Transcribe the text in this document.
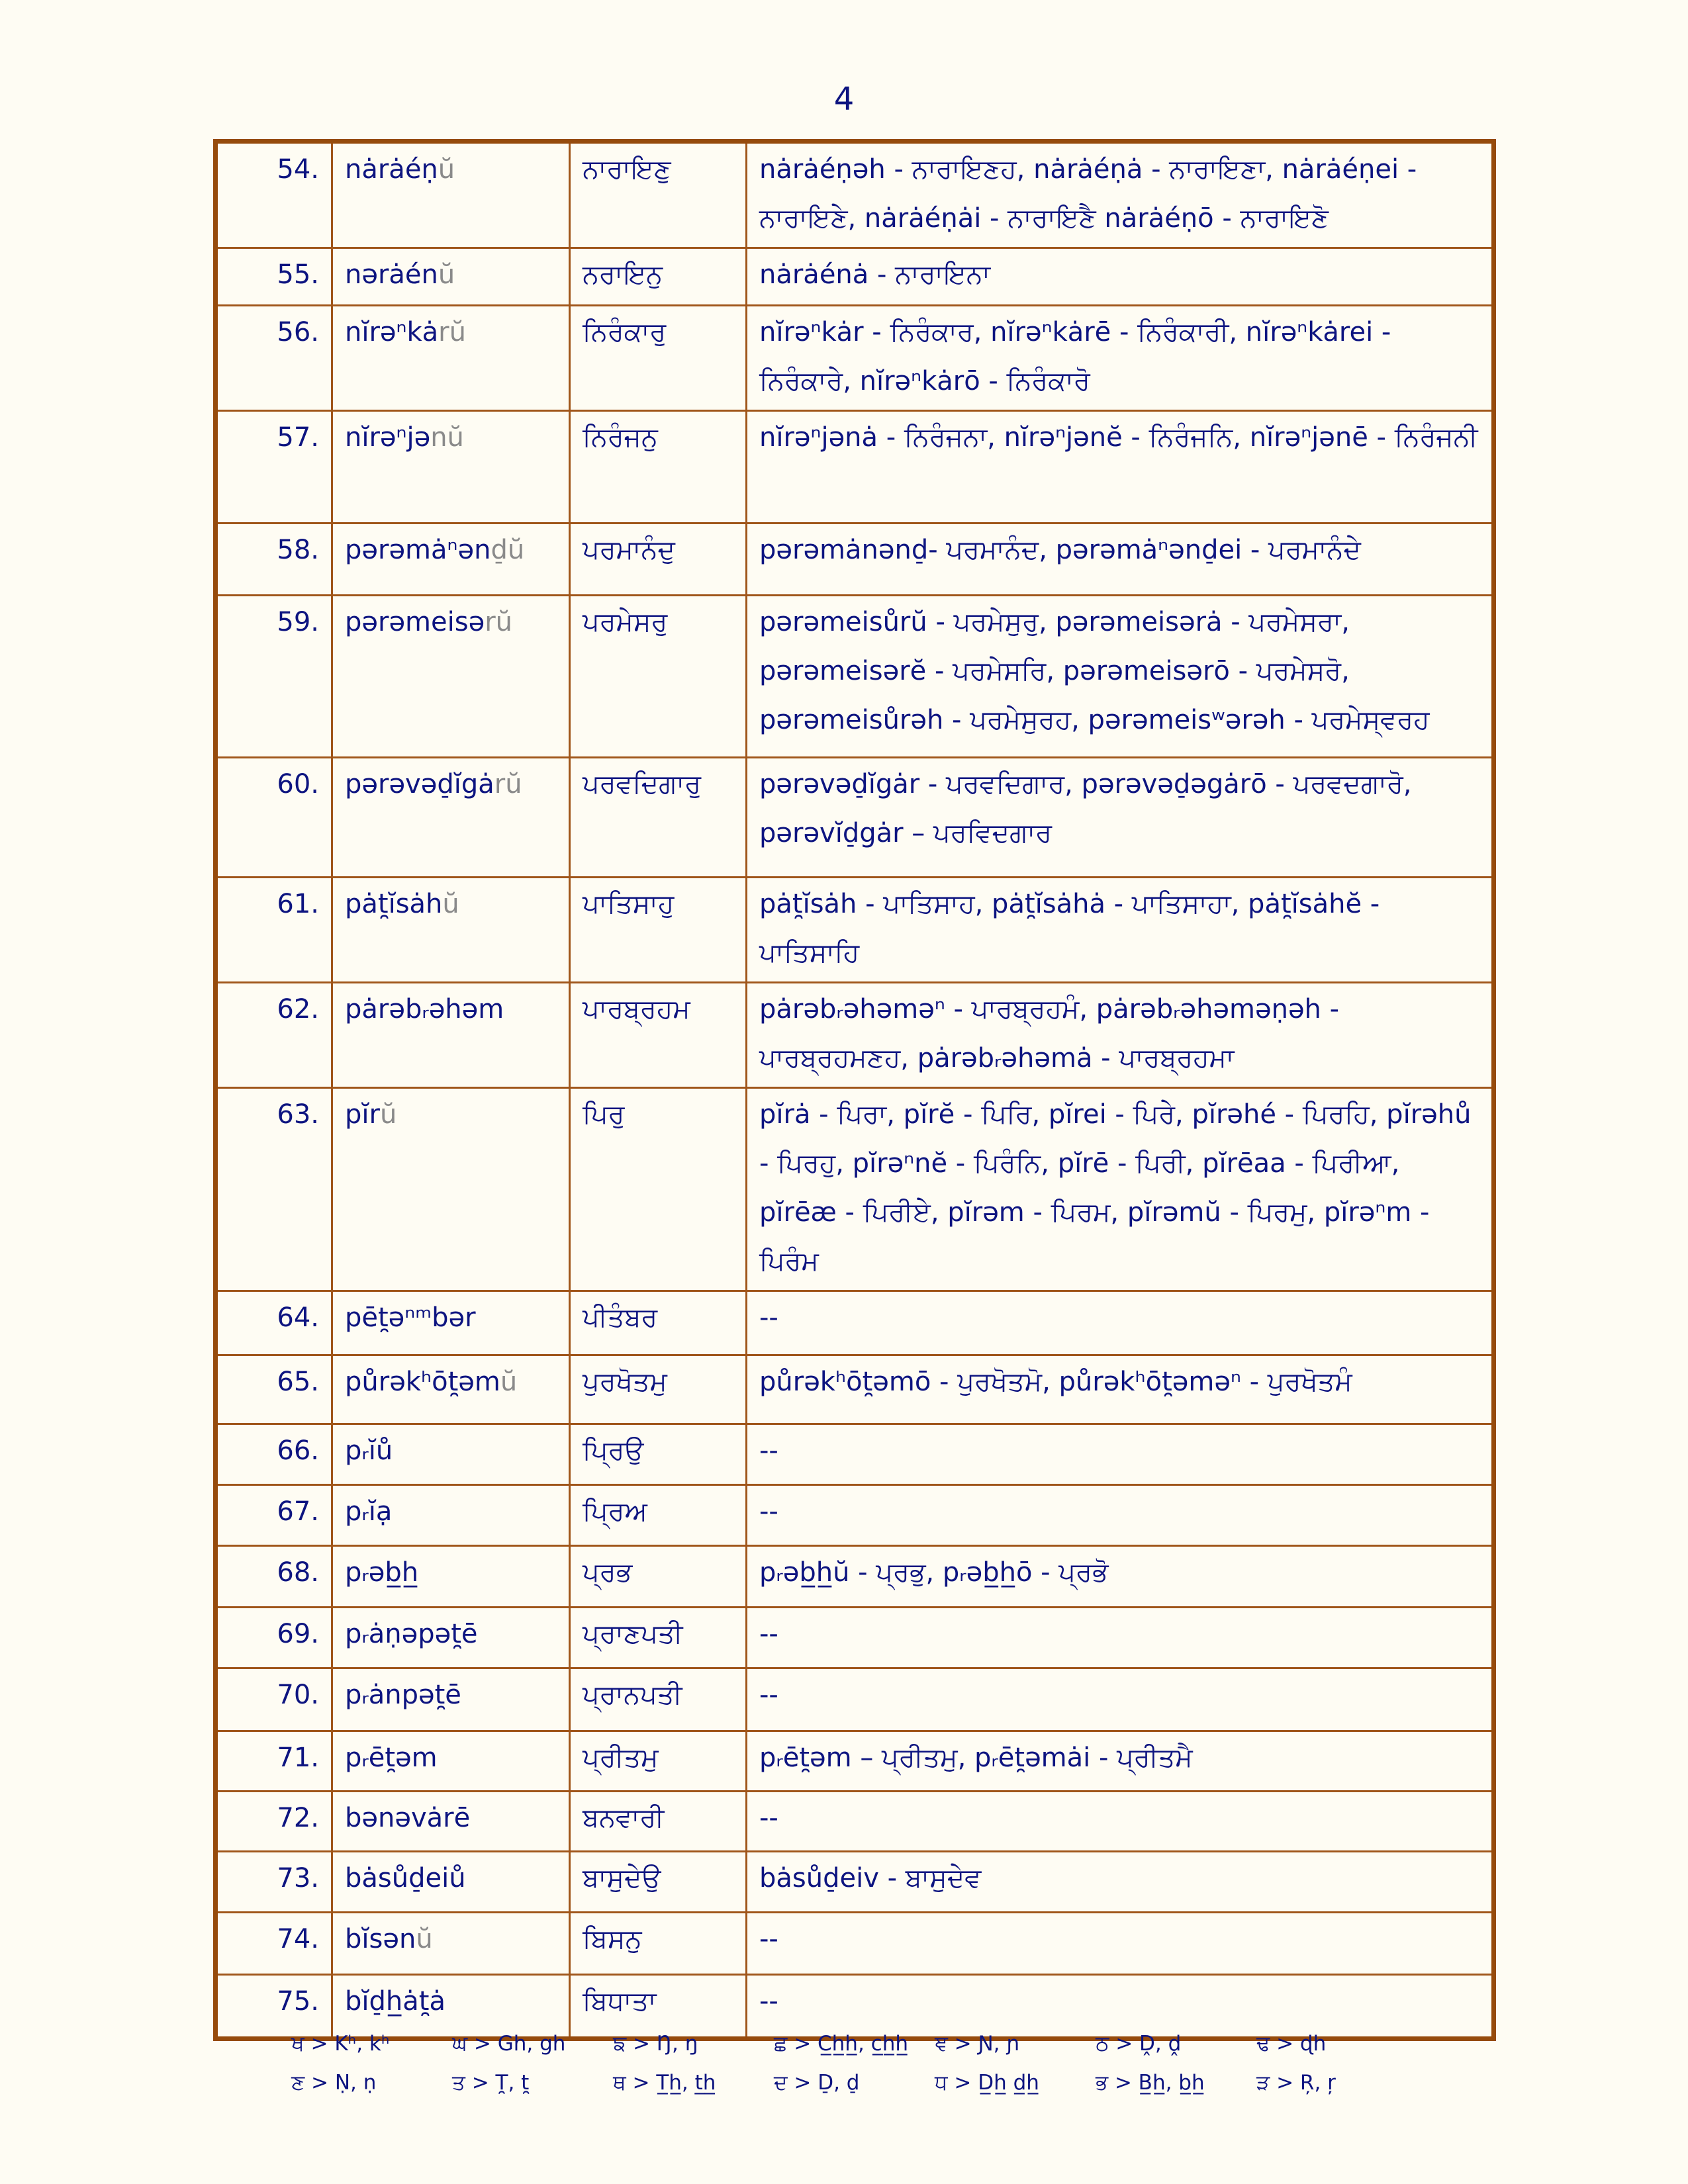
4
54.	nȧrȧéṇŭ	ਨਾਰਾਇਣੁ	nȧrȧéṇəh - ਨਾਰਾਇਣਹ, nȧrȧéṇȧ - ਨਾਰਾਇਣਾ, nȧrȧéṇei - ਨਾਰਾਇਣੇ, nȧrȧéṇȧi - ਨਾਰਾਇਣੈ nȧrȧéṇō - ਨਾਰਾਇਣੋ
55.	nərȧénŭ	ਨਰਾਇਨੁ	nȧrȧénȧ - ਨਾਰਾਇਨਾ
56.	nĭrəⁿkȧrŭ	ਨਿਰੰਕਾਰੁ	nĭrəⁿkȧr - ਨਿਰੰਕਾਰ, nĭrəⁿkȧrē - ਨਿਰੰਕਾਰੀ, nĭrəⁿkȧrei - ਨਿਰੰਕਾਰੇ, nĭrəⁿkȧrō - ਨਿਰੰਕਾਰੋ
57.	nĭrəⁿjənŭ	ਨਿਰੰਜਨੁ	nĭrəⁿjənȧ - ਨਿਰੰਜਨਾ, nĭrəⁿjənĕ - ਨਿਰੰਜਨਿ, nĭrəⁿjənē - ਨਿਰੰਜਨੀ
58.	pərəmȧⁿənd̠ŭ	ਪਰਮਾਨੰਦੁ	pərəmȧnənd̠- ਪਰਮਾਨੰਦ, pərəmȧⁿənd̠ei - ਪਰਮਾਨੰਦੇ
59.	pərəmeisərŭ	ਪਰਮੇਸਰੁ	pərəmeisůrŭ - ਪਰਮੇਸੁਰੁ, pərəmeisərȧ - ਪਰਮੇਸਰਾ, pərəmeisərĕ - ਪਰਮੇਸਰਿ, pərəmeisərō - ਪਰਮੇਸਰੋ, pərəmeisůrəh - ਪਰਮੇਸੁਰਹ, pərəmeisʷərəh - ਪਰਮੇਸ੍ਵਰਹ
60.	pərəvəd̠ĭgȧrŭ	ਪਰਵਦਿਗਾਰੁ	pərəvəd̠ĭgȧr - ਪਰਵਦਿਗਾਰ, pərəvəd̠əgȧrō - ਪਰਵਦਗਾਰੋ, pərəvĭd̠gȧr – ਪਰਵਿਦਗਾਰ
61.	pȧt̯ĭsȧhŭ	ਪਾਤਿਸਾਹੁ	pȧt̯ĭsȧh - ਪਾਤਿਸਾਹ, pȧt̯ĭsȧhȧ - ਪਾਤਿਸਾਹਾ, pȧt̯ĭsȧhĕ - ਪਾਤਿਸਾਹਿ
62.	pȧrəbᵣəhəm	ਪਾਰਬ੍ਰਹਮ	pȧrəbᵣəhəməⁿ - ਪਾਰਬ੍ਰਹਮੰ, pȧrəbᵣəhəməṇəh - ਪਾਰਬ੍ਰਹਮਣਹ, pȧrəbᵣəhəmȧ - ਪਾਰਬ੍ਰਹਮਾ
63.	pĭrŭ	ਪਿਰੁ	pĭrȧ - ਪਿਰਾ, pĭrĕ - ਪਿਰਿ, pĭrei - ਪਿਰੇ, pĭrəhé - ਪਿਰਹਿ, pĭrəhů - ਪਿਰਹੁ, pĭrəⁿnĕ - ਪਿਰੰਨਿ, pĭrē - ਪਿਰੀ, pĭrēaa - ਪਿਰੀਆ, pĭrēæ - ਪਿਰੀਏ, pĭrəm - ਪਿਰਮ, pĭrəmŭ - ਪਿਰਮੁ, pĭrəⁿm - ਪਿਰੰਮ
64.	pēt̯əⁿᵐbər	ਪੀਤੰਬਰ	--
65.	půrəkʰōt̯əmŭ	ਪੁਰਖੋਤਮੁ	půrəkʰōt̯əmō - ਪੁਰਖੋਤਮੋ, půrəkʰōt̯əməⁿ - ਪੁਰਖੋਤਮੰ
66.	pᵣĭů	ਪ੍ਰਿਉ	--
67.	pᵣĭạ	ਪ੍ਰਿਅ	--
68.	pᵣəb̲h̲	ਪ੍ਰਭ	pᵣəb̲h̲ŭ - ਪ੍ਰਭੁ, pᵣəb̲h̲ō - ਪ੍ਰਭੋ
69.	pᵣȧṇəpət̯ē	ਪ੍ਰਾਣਪਤੀ	--
70.	pᵣȧnpət̯ē	ਪ੍ਰਾਨਪਤੀ	--
71.	pᵣēt̯əm	ਪ੍ਰੀਤਮੁ	pᵣēt̯əm – ਪ੍ਰੀਤਮੁ, pᵣēt̯əmȧi - ਪ੍ਰੀਤਮੈ
72.	bənəvȧrē	ਬਨਵਾਰੀ	--
73.	bȧsůd̠eiů	ਬਾਸੁਦੇਉ	bȧsůd̠eiv - ਬਾਸੁਦੇਵ
74.	bĭsənŭ	ਬਿਸਨੁ	--
75.	bĭd̠h̲ȧt̯ȧ	ਬਿਧਾਤਾ	--
ਖ > Kʰ, kʰ	ਘ > Gh, gh	ਙ > Ŋ, ŋ	ਛ > C̲h̲h̲, c̲h̲h̲	ਞ > Ɲ, ɲ	ਠ > Ḓ, ḓ	ਢ > ɖh
ਣ > Ṇ, ṇ	ਤ > T̯, t̯	ਥ > T̲h̲, t̲h̲	ਦ > D̠, d̠	ਧ > D̲h̲ d̲h̲	ਭ > B̲h̲, b̲h̲	ੜ > Ŗ, ŗ
